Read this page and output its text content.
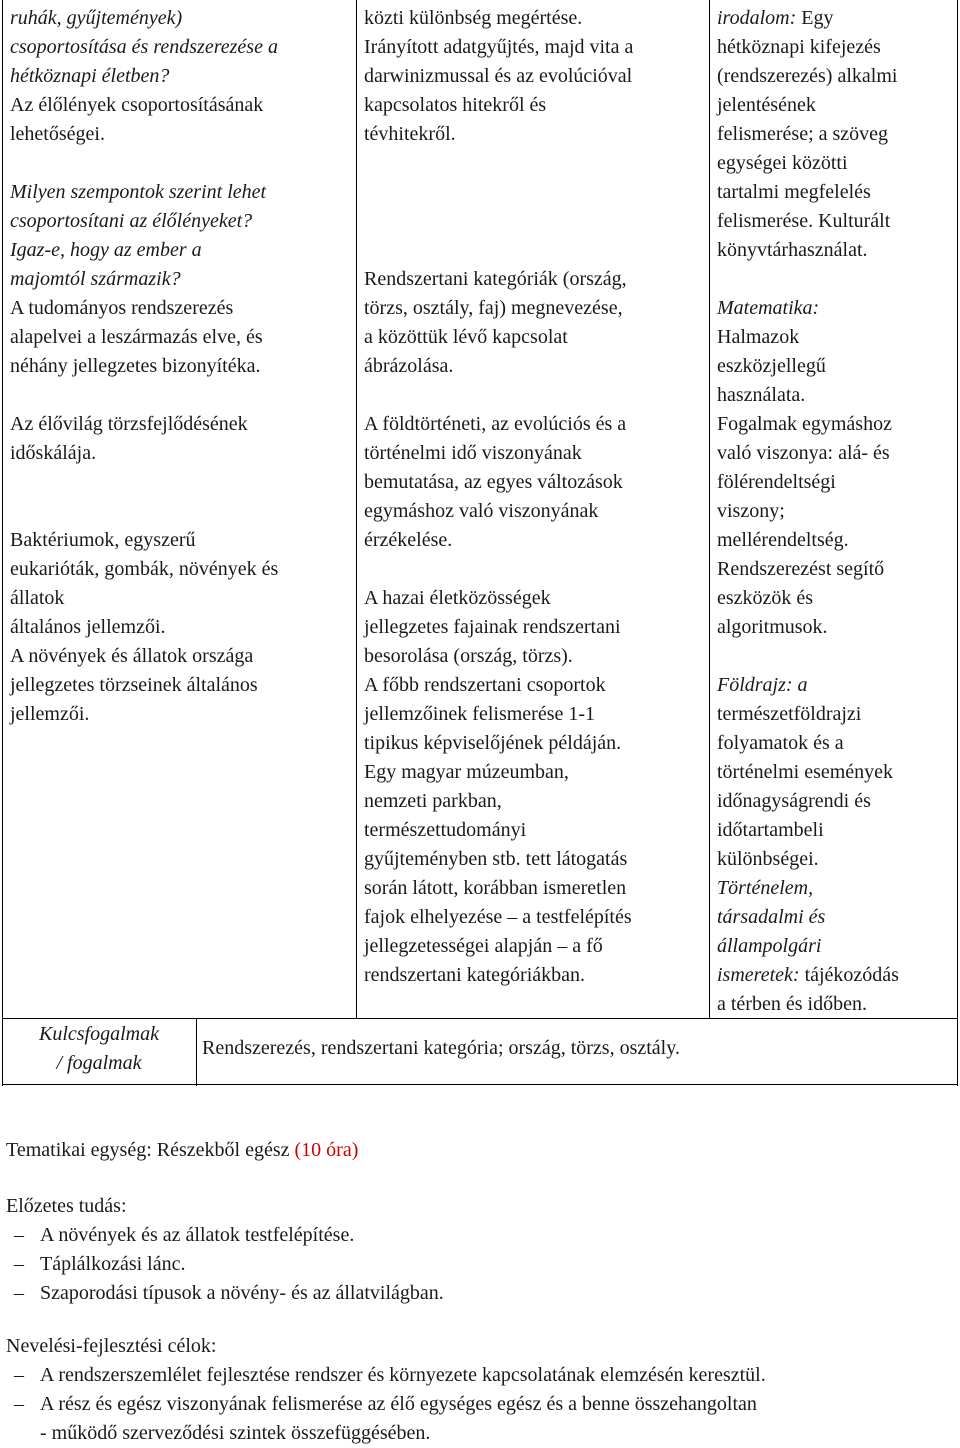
ruhák, gyűjtemények)

csoportosítása és rendszerezése a

hétköznapi életben?

Az élőlények csoportosításának

lehetőségei.

Milyen szempontok szerint lehet

csoportosítani az élőlényeket?

Igaz-e, hogy az ember a

majomtól származik?

A tudományos rendszerezés

alapelvei a leszármazás elve, és

néhány jellegzetes bizonyítéka.

Az élővilág törzsfejlődésének

időskálája.

Baktériumok, egyszerű

eukarióták, gombák, növények és

állatok

általános jellemzői.

A növények és állatok országa

jellegzetes törzseinek általános

jellemzői.

közti különbség megértése.

Irányított adatgyűjtés, majd vita a

darwinizmussal és az evolúcióval

kapcsolatos hitekről és

tévhitekről.

Rendszertani kategóriák (ország,

törzs, osztály, faj) megnevezése,

a közöttük lévő kapcsolat

ábrázolása.

A földtörténeti, az evolúciós és a

történelmi idő viszonyának

bemutatása, az egyes változások

egymáshoz való viszonyának

érzékelése.

A hazai életközösségek

jellegzetes fajainak rendszertani

besorolása (ország, törzs).

A főbb rendszertani csoportok

jellemzőinek felismerése 1-1

tipikus képviselőjének példáján.

Egy magyar múzeumban,

nemzeti parkban,

természettudományi

gyűjteményben stb. tett látogatás

során látott, korábban ismeretlen

fajok elhelyezése – a testfelépítés

jellegzetességei alapján – a fő

rendszertani kategóriákban.

irodalom: Egy

hétköznapi kifejezés

(rendszerezés) alkalmi

jelentésének

felismerése; a szöveg

egységei közötti

tartalmi megfelelés

felismerése. Kulturált

könyvtárhasználat.

Matematika:

Halmazok

eszközjellegű

használata.

Fogalmak egymáshoz

való viszonya: alá- és

fölérendeltségi

viszony;

mellérendeltség.

Rendszerezést segítő

eszközök és

algoritmusok.

Földrajz: a

természetföldrajzi

folyamatok és a

történelmi események

időnagyságrendi és

időtartambeli

különbségei.

Történelem,

társadalmi és

állampolgári

ismeretek: tájékozódás

a térben és időben.

Kulcsfogalmak
/ fogalmak
Rendszerezés, rendszertani kategória; ország, törzs, osztály.

Tematikai egység: Részekből egész (10 óra)

Előzetes tudás:

– A növények és az állatok testfelépítése.
– Táplálkozási lánc.
– Szaporodási típusok a növény- és az állatvilágban.

Nevelési-fejlesztési célok:

– A rendszerszemlélet fejlesztése rendszer és környezete kapcsolatának elemzésén keresztül.
– A rész és egész viszonyának felismerése az élő egységes egész és a benne összehangoltan

- működő szerveződési szintek összefüggésében.
